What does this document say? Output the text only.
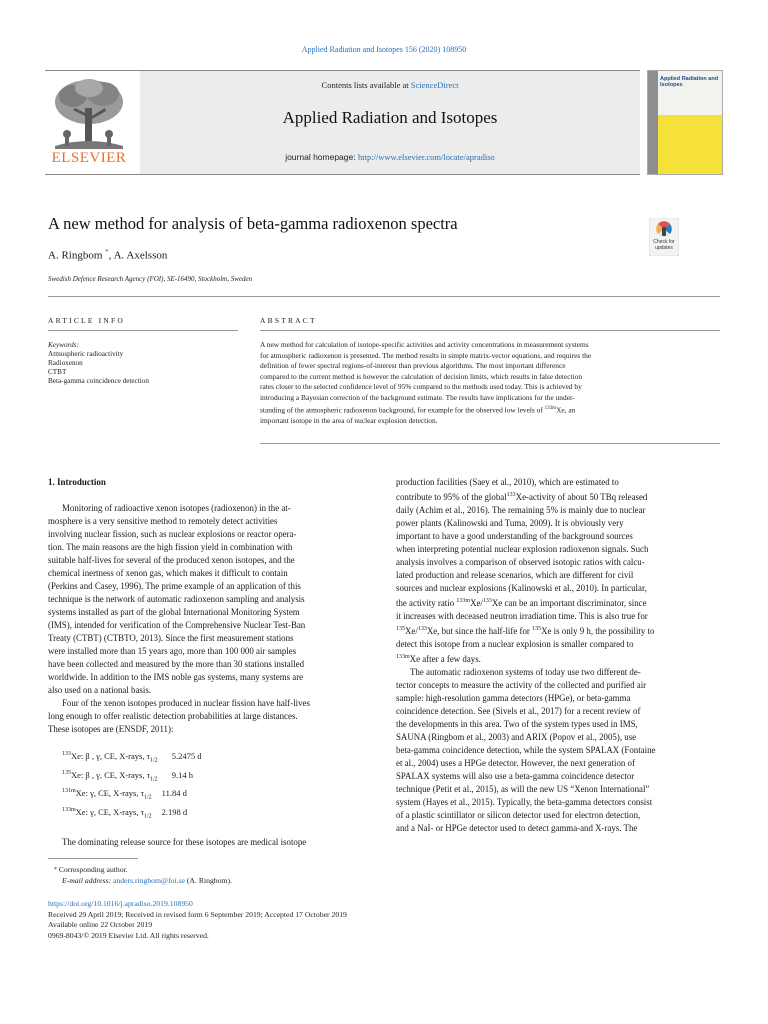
Applied Radiation and Isotopes 156 (2020) 108950
ELSEVIER
Contents lists available at ScienceDirect
Applied Radiation and Isotopes
journal homepage: http://www.elsevier.com/locate/apradiso
Applied Radiation and
Isotopes
A new method for analysis of beta-gamma radioxenon spectra
A. Ringbom *, A. Axelsson
Swedish Defence Research Agency (FOI), SE-16490, Stockholm, Sweden
Check for
updates
ARTICLE INFO
Keywords:
Atmospheric radioactivity
Radioxenon
CTBT
Beta-gamma coincidence detection
ABSTRACT
A new method for calculation of isotope-specific activities and activity concentrations in measurement systems
for atmospheric radioxenon is presented. The method results in simple matrix-vector equations, and requires the
definition of fewer spectral regions-of-interest than previous algorithms. The most important difference
compared to the current method is however the calculation of decision limits, which results in false detection
rates closer to the selected confidence level of 95% compared to the methods used today. This is achieved by
introducing a Bayesian correction of the background estimate. The results have implications for the under-
standing of the atmospheric radioxenon background, for example for the observed low levels of $^{133m}$Xe, an
important isotope in the area of nuclear explosion detection.
1. Introduction
Monitoring of radioactive xenon isotopes (radioxenon) in the at-
mosphere is a very sensitive method to remotely detect activities
involving nuclear fission, such as nuclear explosions or reactor opera-
tion. The main reasons are the high fission yield in combination with
suitable half-lives for several of the produced xenon isotopes, and the
chemical inertness of xenon gas, which makes it difficult to contain
(Perkins and Casey, 1996). The prime example of an application of this
technique is the network of automatic radioxenon sampling and analysis
systems installed as part of the global International Monitoring System
(IMS), intended for verification of the Comprehensive Nuclear Test-Ban
Treaty (CTBT) (CTBTO, 2013). Since the first measurement stations
were installed more than 15 years ago, more than 100 000 air samples
have been collected and measured by the more than 30 stations installed
worldwide. In addition to the IMS noble gas systems, many systems are
also used on a national basis.
Four of the xenon isotopes produced in nuclear fission have half-lives
long enough to offer realistic detection probabilities at large distances.
These isotopes are (ENSDF, 2011):
$^{133}$Xe: β , γ, CE, X-rays, $\tau_{1/2}$ 5.2475 d
$^{135}$Xe: β , γ, CE, X-rays, $\tau_{1/2}$ 9.14 h
$^{131m}$Xe: γ, CE, X-rays, $\tau_{1/2}$ 11.84 d
$^{133m}$Xe: γ, CE, X-rays, $\tau_{1/2}$ 2.198 d
The dominating release source for these isotopes are medical isotope
production facilities (Saey et al., 2010), which are estimated to
contribute to 95% of the global$^{133}$Xe-activity of about 50 TBq released
daily (Achim et al., 2016). The remaining 5% is mainly due to nuclear
power plants (Kalinowski and Tuma, 2009). It is obviously very
important to have a good understanding of the background sources
when interpreting potential nuclear explosion radioxenon signals. Such
analysis involves a comparison of observed isotopic ratios with calcu-
lated production and release scenarios, which are different for civil
sources and nuclear explosions (Kalinowski et al., 2010). In particular,
the activity ratio $^{133m}$Xe/$^{133}$Xe can be an important discriminator, since
it increases with deceased neutron irradiation time. This is also true for
$^{135}$Xe/$^{133}$Xe, but since the half-life for $^{135}$Xe is only 9 h, the possibility to
detect this isotope from a nuclear explosion is smaller compared to
$^{133m}$Xe after a few days.
The automatic radioxenon systems of today use two different de-
tector concepts to measure the activity of the collected and purified air
sample: high-resolution gamma detectors (HPGe), or beta-gamma
coincidence detection. See (Sivels et al., 2017) for a recent review of
the developments in this area. Two of the system types used in IMS,
SAUNA (Ringbom et al., 2003) and ARIX (Popov et al., 2005), use
beta-gamma coincidence detection, while the system SPALAX (Fontaine
et al., 2004) uses a HPGe detector. However, the next generation of
SPALAX systems will also use a beta-gamma coincidence detector
technique (Petit et al., 2015), as will the new US “Xenon International”
system (Hayes et al., 2015). Typically, the beta-gamma detectors consist
of a plastic scintillator or silicon detector used for electron detection,
and a NaI- or HPGe detector used to detect gamma-and X-rays. The
* Corresponding author.
E-mail address: anders.ringbom@foi.se (A. Ringbom).
https://doi.org/10.1016/j.apradiso.2019.108950
Received 29 April 2019; Received in revised form 6 September 2019; Accepted 17 October 2019
Available online 22 October 2019
0969-8043/© 2019 Elsevier Ltd. All rights reserved.
